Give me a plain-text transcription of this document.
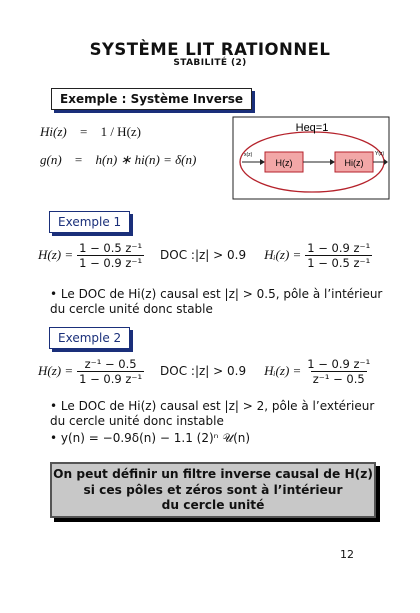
SYSTÈME LIT RATIONNEL
STABILITÉ (2)
Exemple : Système Inverse
Hi(z) = 1 / H(z)
g(n) = h(n) ∗ hi(n) = δ(n)
Heq=1
H(z)	Hi(z)
x(z)	Y(z)
Exemple 1
$H(z) = \frac{\text{1 − 0.5 z⁻¹}}{\text{1 − 0.9 z⁻¹}}$ DOC :|z| > 0.9 Hᵢ(z) = $\frac{\text{1 − 0.9 z⁻¹}}{\text{1 − 0.5 z⁻¹}}$
• Le DOC de Hi(z) causal est |z| > 0.5, pôle à l’intérieur
du cercle unité donc stable
Exemple 2
$H(z) = \frac{\text{z⁻¹ − 0.5}}{\text{1 − 0.9 z⁻¹}}$ DOC :|z| > 0.9 Hᵢ(z) = $\frac{\text{1 − 0.9 z⁻¹}}{\text{z⁻¹ − 0.5}}$
• Le DOC de Hi(z) causal est |z| > 2, pôle à l’extérieur
du cercle unité donc instable
• y(n) = −0.9δ(n) − 1.1 (2)ⁿ 𝒰(n)
On peut définir un filtre inverse causal de H(z)
si ces pôles et zéros sont à l’intérieur
du cercle unité
12
